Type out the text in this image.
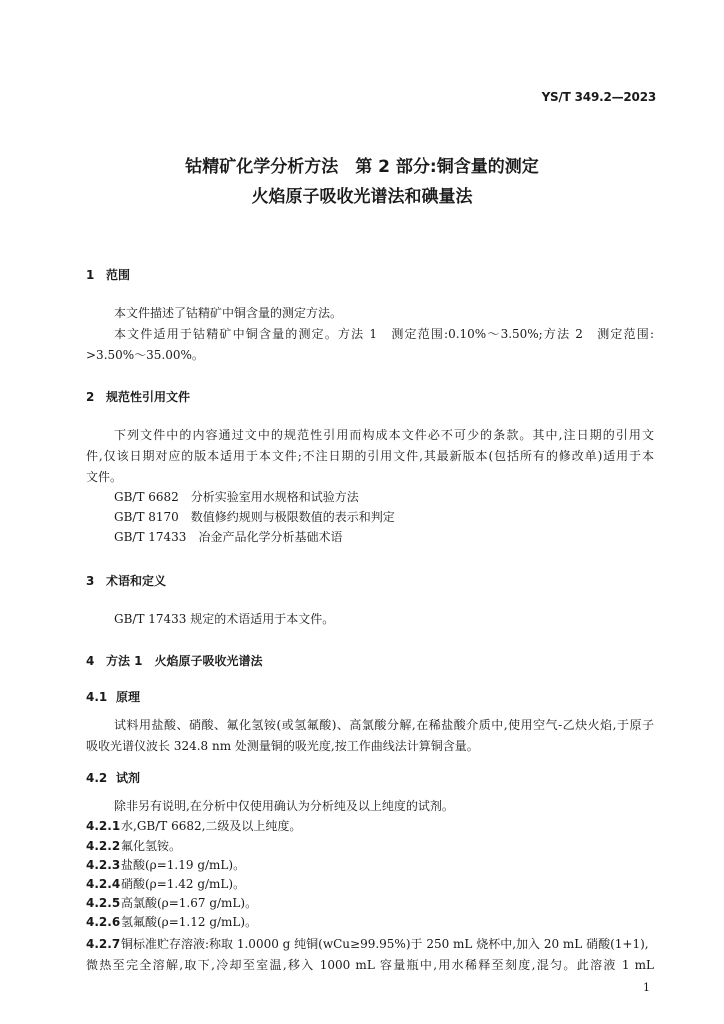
YS/T 349.2—2023
钴精矿化学分析方法　第 2 部分:铜含量的测定
火焰原子吸收光谱法和碘量法
1 范围
本文件描述了钴精矿中铜含量的测定方法。
本文件适用于钴精矿中铜含量的测定。方法 1　测定范围:0.10%～3.50%;方法 2　测定范围:
>3.50%～35.00%。
2 规范性引用文件
下列文件中的内容通过文中的规范性引用而构成本文件必不可少的条款。其中,注日期的引用文
件,仅该日期对应的版本适用于本文件;不注日期的引用文件,其最新版本(包括所有的修改单)适用于本
文件。
GB/T 6682　分析实验室用水规格和试验方法
GB/T 8170　数值修约规则与极限数值的表示和判定
GB/T 17433　冶金产品化学分析基础术语
3 术语和定义
GB/T 17433 规定的术语适用于本文件。
4 方法 1　火焰原子吸收光谱法
4.1 原理
试料用盐酸、硝酸、氟化氢铵(或氢氟酸)、高氯酸分解,在稀盐酸介质中,使用空气-乙炔火焰,于原子
吸收光谱仪波长 324.8 nm 处测量铜的吸光度,按工作曲线法计算铜含量。
4.2 试剂
除非另有说明,在分析中仅使用确认为分析纯及以上纯度的试剂。
4.2.1水,GB/T 6682,二级及以上纯度。
4.2.2氟化氢铵。
4.2.3盐酸(ρ=1.19 g/mL)。
4.2.4硝酸(ρ=1.42 g/mL)。
4.2.5高氯酸(ρ=1.67 g/mL)。
4.2.6氢氟酸(ρ=1.12 g/mL)。
4.2.7铜标准贮存溶液:称取 1.0000 g 纯铜(wCu≥99.95%)于 250 mL 烧杯中,加入 20 mL 硝酸(1+1),
微热至完全溶解,取下,冷却至室温,移入 1000 mL 容量瓶中,用水稀释至刻度,混匀。此溶液 1 mL
1
